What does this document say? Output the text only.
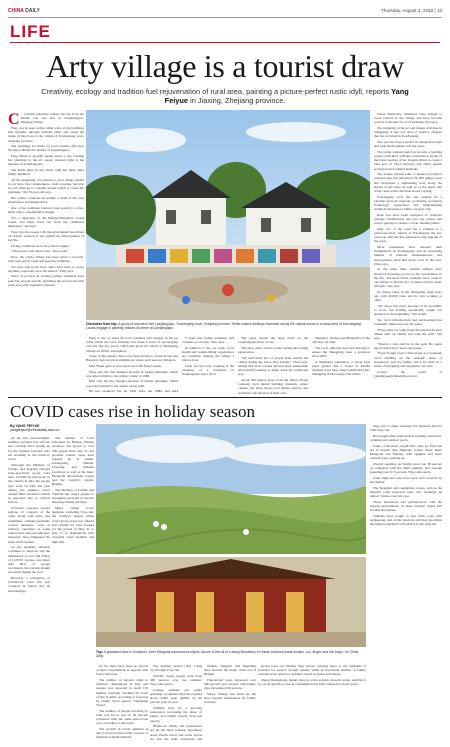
CHINA DAILY	Thursday, August 4, 2022 | 13
LIFE
Arty village is a tourist draw
Creativity, ecology and tradition fuel rejuvenation of rural area, painting a picture-perfect rustic idyll, reports Yang Feiyue in Jiaxing, Zhejiang province.
C	Colorful paintings capture the eye from the minute one sets foot in Lianjiangqiao, Zhejiang village.

They can be seen on the white walls of the buildings that meander through wetland parks and along the banks of the rivers in the village of Youchegang town, Zhejiang province.

The paintings are made by local farmers and have become a distinctive feature of Lianjiangqiao.

Feng Yimin is proudly speaks hours a day creating her paintings in the art center, situated right at the entrance of Lianjiangqiao.

She heads there in the center with her three other family members.

"In the beginning, we learned to draw things related to our lives, like a mantelpiece, from a teacher, but now we can often go to a theme around which to create my paintings," the 70-year-old says.

Her artistic creations are mainly a result of her own experiences and imagination.

One of her paintings features lotus ponds in a river, filled with a contemplative design.

"It's a depiction of the Beijing-Hangzhou Grand Canal, and these boats are from my childhood memories," she says.

Feng says the reason why the environment has mixed on artistic creation is the significant improvement of her life.

Living conditions were very much tougher.

"There were only mud roads," she recalls.

Now, the whole village has been given a face-lift, with well-paved roads and spacious buildings.

"It's now true in her here, and I don't have to worry anything, especially now I'm retired," Feng says.

Years of practice in creating farmer paintings have seen her several awards, including the second and first prize in locally organized contests.

Those distinctive industries have helped to boost visitors to the village and have become sources of income for local residents, Fan says.

The nurturing of the art and leisure activities in Shengping is just one area of positive changes that has occurred in Youchegang.

The area has been a model for integrated urban and rural development over the years.

The Lizhu wetland park has become a bustling project with kind, with the construction layout of the lower reaches of the Tongxie River to create a land area of 231.5 hectares and offers superb ecological and cultural elements.

The Guzhu Stream Lake, a themed ecological northern site, has introduced 10,000 ginkgo trees and developed a sightseeing trail, along the shores of the lake, as well as at the upper and water cases with wild birds in early spring.

Youchegang town has also pushed for a pipeline network upgrade, promoting ecological technology application and implementing technical measures to build a 'sponge city'.

Rain and have been equipped to celebrate garbage classification and sort out, review and collect garbage to ensure a clean, modern public.

Only two of the town has a running as a grassroots-level official at Youchegang the two years ago that she has witnessed a big upgrade of the town.

More businesses have situated their headquarters in Youchegang, and an increasing number of national businesspeople and entrepreneurs have laid down roots in the area, Zhou says.

At the same time, ancient villages have attracted increasing access to the convenience of the life, and more urban residents have come to our village to feel the joy of nature and the rustic lifestyle," she says.

Its output value in the Shengping eight years ago with 40,000 yuan and its own working at other.

"We chose this place because of its proximity to work, but nothing specifically caught our attention as the beginning," Wu recalls.

Yet, local infrastructure and environment has constantly improved over the years.

"Every time we walk along the green belts after dinner with our family and walk the path," Wu says.

"There's a cafe and bar in the park. He opens the local library to learn and books.

"Even though I feel a little alone at a weekend, we're building up the strategic sense of downtown, and my family and I are fully in a sense of belonging and happiness," he says.

Contact the writer at yangfeiyue@chinadaily.com.cn

Clockwise from top: A group of reporters visit Lianjiangqiao, Youchegang town, Zhejiang province. White-walled buildings resemble strong the natural scene in a canal area of Youchegang. Locals engage in painting classes at center at Lianjiangqiao.

Feng is one of about 60 local residents who engage in the art form, which the local authority has made a point of encouraging over the last few years, which has given the whole of Shengping Village an artistic atmosphere.

Some of the painters have now been invited to South Korea and Britain to hold pictorial exhibitions, where such seen are villagers.

Mao Yiqun grew to draw more and visit Feng's home.

More rare life this changed because of farmer paintings, which was what led him to the artistic artists' of 1986.

Mao says his life changed because of farmer paintings, which was what led him to the artistic career path.

He has produced the art form since the 1980s and held

"I hope that farmer paintings will continue as a brand," Mao says.

In addition to the art scene, local health and 'wealth-lifting' experiences are available, making the village a tourist draw.

Chen Lei has been working at the canopies of a rainforest in Jianjiangqiao since 2012.

The pipes beside the large plaza on the Lianjiangqiao have a loop.

The shop offers visitors some tasting and tasting experiences.

"We welcomed lots of people from outside the village during the Labor Day holiday," Chen says, adding that most tourists showed great enthusiasm and learned learning to make some the traditional way.

About 300 meters away from the Smart Zhong Lankong rural model building museum, where visitors can learn about local marine history and assemble a model boat of their own.

Shanghai, Suzhou and Hangzhou in the old days, he adds.

The local authority has been striving to ensure the Shengping Area a gorgeous since 2003.

A Shellberry plantation, a sweet fruit plant garden and a forest of Panzhi chestnut trees have been transformed into Shengping Park scenery, Fan Zhibo.

COVID cases rise in holiday season
By YANG FEIYUE
yangfeiyue@chinadaily.com.cn

As the first post-pandemic summer vacation has arrived, new variants have sprung up for the Chinese travelers who are straining at the leash to travel.

Although the Ministry of Culture and Tourism allowed trans-provincial group tours after COVID-19 infections in the country in July, the people who went on trips last year during the summer travel capital didn't rebound as much as expected due to various factors.

Travelers' concerns toward regions of concern of the virus, along with strict, and sometimes, complex pandemic control measures, such as reduced capacities at some tourist sites and precautionary measures, have dampened the spirit of the market.

As the domestic situation continues to improve and the admissions of over 100 billion of COVID vaccine, and more than 60% of people vaccinated, the tourism market recovered during the year.

However, a resurgence of COVID-19 cases has just occurred in Sanya and its surroundings.

The number of local infections in Hainan, Hainan province, has grown to over 300 people since July 31 and sporadic related cases have popped up in Anhui, Guangdong, Hainan, Liaoning, and Sichuan provinces as well as the Inner Mongolia autonomous region and the country's capital, Beijing.

The Ministry of Culture and Tourism has urged people to strengthen personal protection measures during the trips.

Major online travel agencies, including Trip.com, the country's largest online travel group, have now offered full refunds for trips booked for the period of May 31 to July 11 to destinations with currently rated medium and high risk.

Top: A grassland view in Hulunbuir, Inner Mongolia autonomous region. Above: A tree-lit of Lukang Monastery in Hunan province leads tourists. Luo Jingbo and Ma Jiayu / for China Daily

So far, there have been no reports of mass cancellations in regions with lower risk areas.

The number of traveler visits to domestic destinations in July and August was expected to reach 150 million, basically reaching the level of that in 2019, according to forecasts by online travel agency Tongcheng Travel.

The number of people traveling by train was set to rise by 40 percent compared with the same period last year, according to the report.

The growth in travel numbers is due to more travelers with a retreat of domestic tourism demand.

The summer season (July 1-Aug 31) through Trip.com.

Overall, young people went from 400 percent over last summer, Trip.com reports.

College students per capita spending on summer trips has reached about 2,000 yuan ($296), up 40 percent year-on-year.

Summer trips are a growing preference, increasing the share of luxury and family travels, Trip.com reports.

Hands-on, family and experiences are all the most popular experience areas. Beach resort and water sports are also the main attractions this

Wuhan, Qingdao and Kunming have become the major cities out of Beijing.

Educational tours increased over 400 percent year-on-year, with family trips increasing 250 percent.

Sanya, Xining and Xi'an are the most popular destinations for family travelers.

Group tours are smaller than before, catering more to the demands of travelers for service of high quality, while an increasing number of family travelers have opted for activities based on sports and fitness.

Zhang Shengzhang, deputy director at the tourism research center, said that it is a good sign that a rise in consumption has fully returned in recent years.

trips, saw Li Qian, learning tour business director with Trip.com.

Hot sought-after items include farming, adventure, camping and outdoor sports.

Some of the most sought-after tours by Trip.com are in regions like Xinjiang, Gansu, Tibet, Inner Mongolia and Yunnan, with Qinghai and more tourism types opening up.

Overall spending on family tours rose 38 percent as compared with the 2020 summer, and average spending rose by 5 percent, Trip.com reports.

Some high-end tours have been well received by the market.

The Shanghai and Guangzhou routes, such as the Qinghai Lake high-end tours saw bookings up almost 3 times over last year.

Those attractions and performances with the natural environment, in these tourism routes still flooded the market.

Students have sought to tour farm crops with sightseeing, and all the intervals and their guardians the highest standards will survive in the long run.
